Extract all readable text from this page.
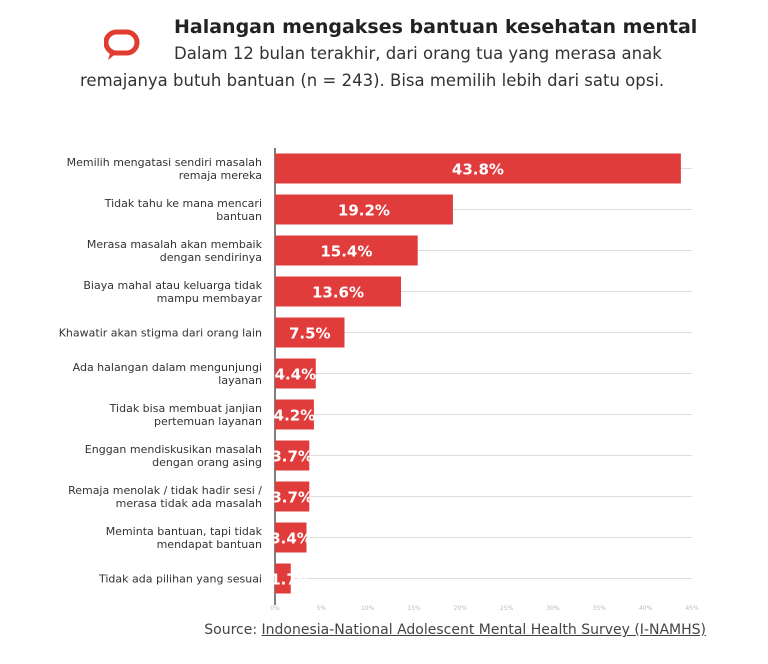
Halangan mengakses bantuan kesehatan mental
Dalam 12 bulan terakhir, dari orang tua yang merasa anak remajanya butuh bantuan (n = 243). Bisa memilih lebih dari satu opsi.
Memilih mengatasi sendiri masalah remaja mereka	43.8%
Tidak tahu ke mana mencari bantuan	19.2%
Merasa masalah akan membaik dengan sendirinya	15.4%
Biaya mahal atau keluarga tidak mampu membayar	13.6%
Khawatir akan stigma dari orang lain 7.5%
Ada halangan dalam mengunjungi layanan 4.4%
Tidak bisa membuat janjian pertemuan layanan 4.2%
Enggan mendiskusikan masalah dengan orang asing 3.7%
Remaja menolak / tidak hadir sesi / merasa tidak ada masalah 3.7%
Meminta bantuan, tapi tidak mendapat bantuan 3.4%
Tidak ada pilihan yang sesuai 1.7%
0%	5%	10%	15%	20%	25%	30%	35%	40%	45%
Source: Indonesia-National Adolescent Mental Health Survey (I-NAMHS)
